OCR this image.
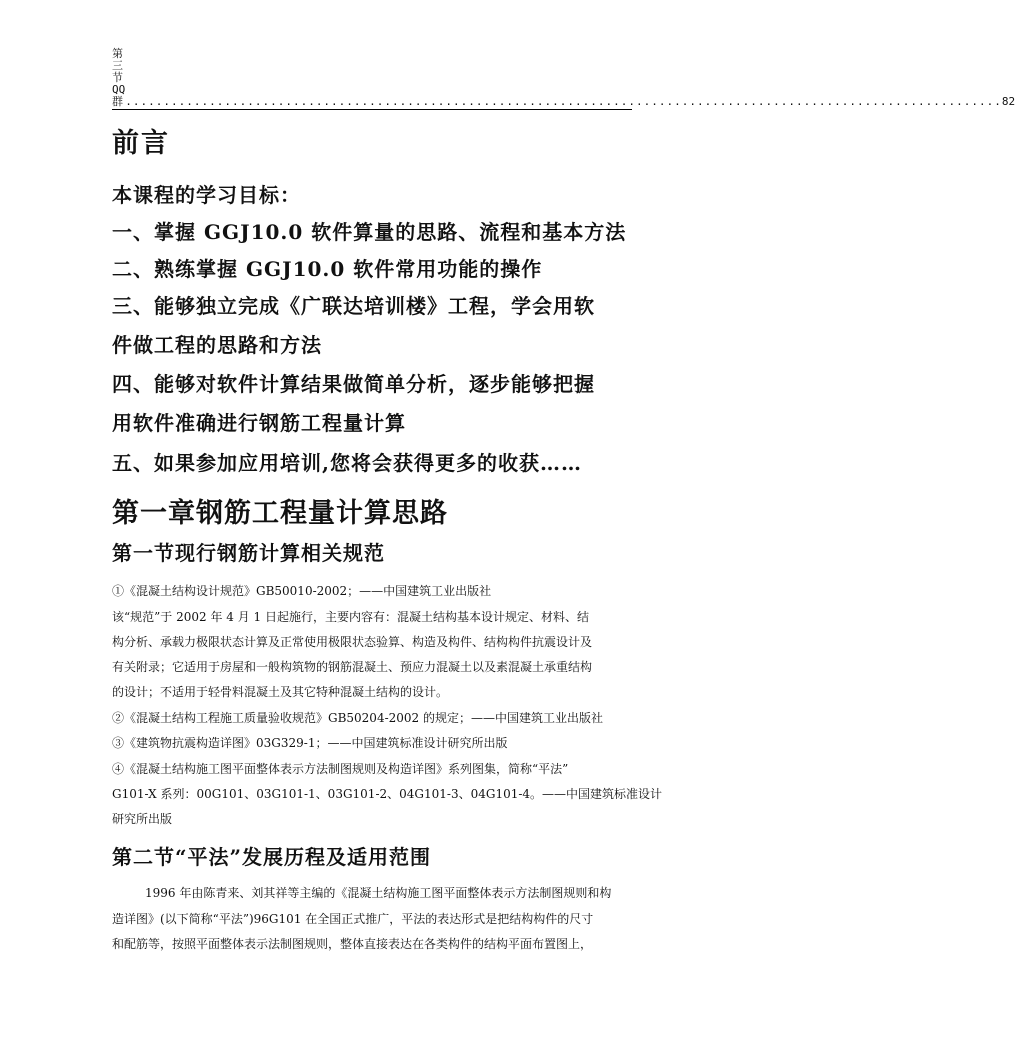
第三节 QQ 群 ................................................................................................................... 82
前言
本课程的学习目标：
一、掌握 GGJ10.0 软件算量的思路、流程和基本方法
二、熟练掌握 GGJ10.0 软件常用功能的操作
三、能够独立完成《广联达培训楼》工程，学会用软
件做工程的思路和方法
四、能够对软件计算结果做简单分析，逐步能够把握
用软件准确进行钢筋工程量计算
五、如果参加应用培训,您将会获得更多的收获……
第一章钢筋工程量计算思路
第一节现行钢筋计算相关规范
①《混凝土结构设计规范》GB50010-2002；——中国建筑工业出版社
该“规范”于 2002 年 4 月 1 日起施行，主要内容有：混凝土结构基本设计规定、材料、结
构分析、承载力极限状态计算及正常使用极限状态验算、构造及构件、结构构件抗震设计及
有关附录；它适用于房屋和一般构筑物的钢筋混凝土、预应力混凝土以及素混凝土承重结构
的设计；不适用于轻骨料混凝土及其它特种混凝土结构的设计。
②《混凝土结构工程施工质量验收规范》GB50204-2002 的规定；——中国建筑工业出版社
③《建筑物抗震构造详图》03G329-1；——中国建筑标准设计研究所出版
④《混凝土结构施工图平面整体表示方法制图规则及构造详图》系列图集，简称“平法”
G101-X 系列：00G101、03G101-1、03G101-2、04G101-3、04G101-4。——中国建筑标准设计
研究所出版
第二节“平法”发展历程及适用范围
1996 年由陈青来、刘其祥等主编的《混凝土结构施工图平面整体表示方法制图规则和构
造详图》(以下简称“平法”)96G101 在全国正式推广，平法的表达形式是把结构构件的尺寸
和配筋等，按照平面整体表示法制图规则，整体直接表达在各类构件的结构平面布置图上，
